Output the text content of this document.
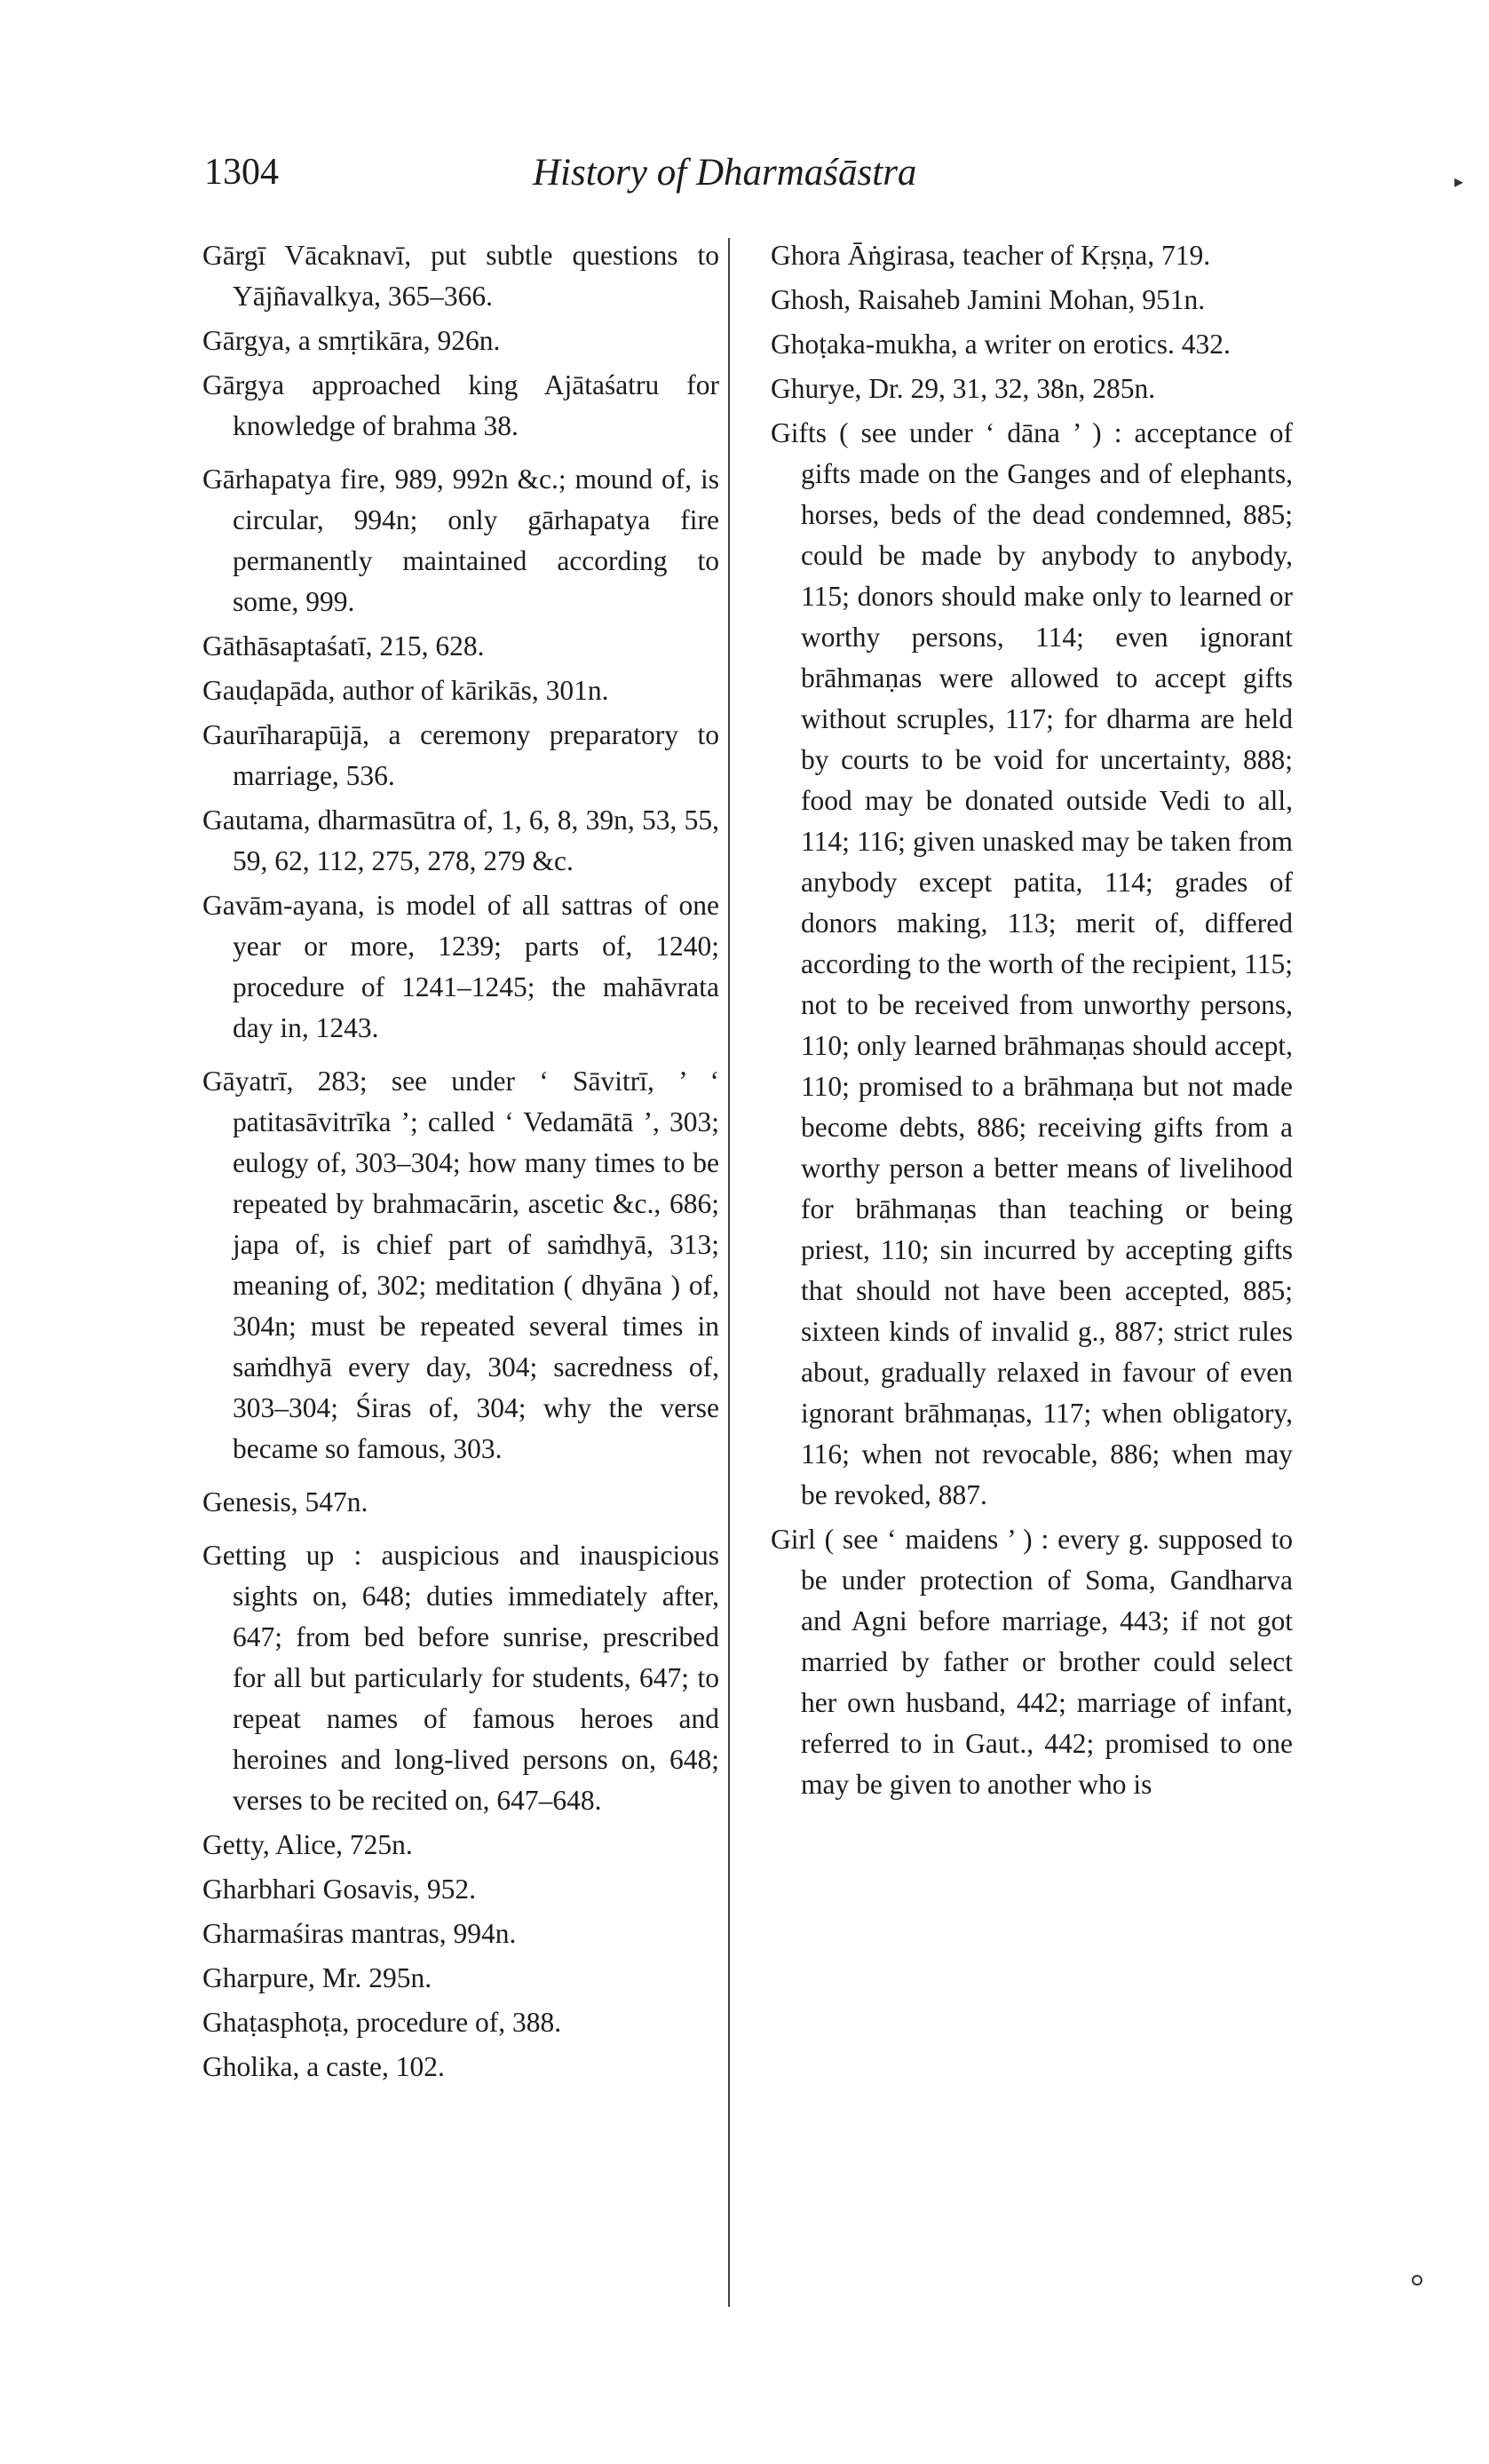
1304	History of Dharmaśāstra	▸
Gārgī Vācaknavī, put subtle questions to Yājñavalkya, 365–366.
Gārgya, a smṛtikāra, 926n.
Gārgya approached king Ajātaśatru for knowledge of brahma 38.
Gārhapatya fire, 989, 992n &c.; mound of, is circular, 994n; only gārhapatya fire permanently maintained according to some, 999.
Gāthāsaptaśatī, 215, 628.
Gauḍapāda, author of kārikās, 301n.
Gaurīharapūjā, a ceremony preparatory to marriage, 536.
Gautama, dharmasūtra of, 1, 6, 8, 39n, 53, 55, 59, 62, 112, 275, 278, 279 &c.
Gavām-ayana, is model of all sattras of one year or more, 1239; parts of, 1240; procedure of 1241–1245; the mahāvrata day in, 1243.
Gāyatrī, 283; see under ‘ Sāvitrī, ’ ‘ patitasāvitrīka ’; called ‘ Vedamātā ’, 303; eulogy of, 303–304; how many times to be repeated by brahmacārin, ascetic &c., 686; japa of, is chief part of saṁdhyā, 313; meaning of, 302; meditation ( dhyāna ) of, 304n; must be repeated several times in saṁdhyā every day, 304; sacredness of, 303–304; Śiras of, 304; why the verse became so famous, 303.
Genesis, 547n.
Getting up : auspicious and inauspicious sights on, 648; duties immediately after, 647; from bed before sunrise, prescribed for all but particularly for students, 647; to repeat names of famous heroes and heroines and long-lived persons on, 648; verses to be recited on, 647–648.
Getty, Alice, 725n.
Gharbhari Gosavis, 952.
Gharmaśiras mantras, 994n.
Gharpure, Mr. 295n.
Ghaṭasphoṭa, procedure of, 388.
Gholika, a caste, 102.
Ghora Āṅgirasa, teacher of Kṛṣṇa, 719.
Ghosh, Raisaheb Jamini Mohan, 951n.
Ghoṭaka-mukha, a writer on erotics. 432.
Ghurye, Dr. 29, 31, 32, 38n, 285n.
Gifts ( see under ‘ dāna ’ ) : acceptance of gifts made on the Ganges and of elephants, horses, beds of the dead condemned, 885; could be made by anybody to anybody, 115; donors should make only to learned or worthy persons, 114; even ignorant brāhmaṇas were allowed to accept gifts without scruples, 117; for dharma are held by courts to be void for uncertainty, 888; food may be donated outside Vedi to all, 114; 116; given unasked may be taken from anybody except patita, 114; grades of donors making, 113; merit of, differed according to the worth of the recipient, 115; not to be received from unworthy persons, 110; only learned brāhmaṇas should accept, 110; promised to a brāhmaṇa but not made become debts, 886; receiving gifts from a worthy person a better means of livelihood for brāhmaṇas than teaching or being priest, 110; sin incurred by accepting gifts that should not have been accepted, 885; sixteen kinds of invalid g., 887; strict rules about, gradually relaxed in favour of even ignorant brāhmaṇas, 117; when obligatory, 116; when not revocable, 886; when may be revoked, 887.
Girl ( see ‘ maidens ’ ) : every g. supposed to be under protection of Soma, Gandharva and Agni before marriage, 443; if not got married by father or brother could select her own husband, 442; marriage of infant, referred to in Gaut., 442; promised to one may be given to another who is
